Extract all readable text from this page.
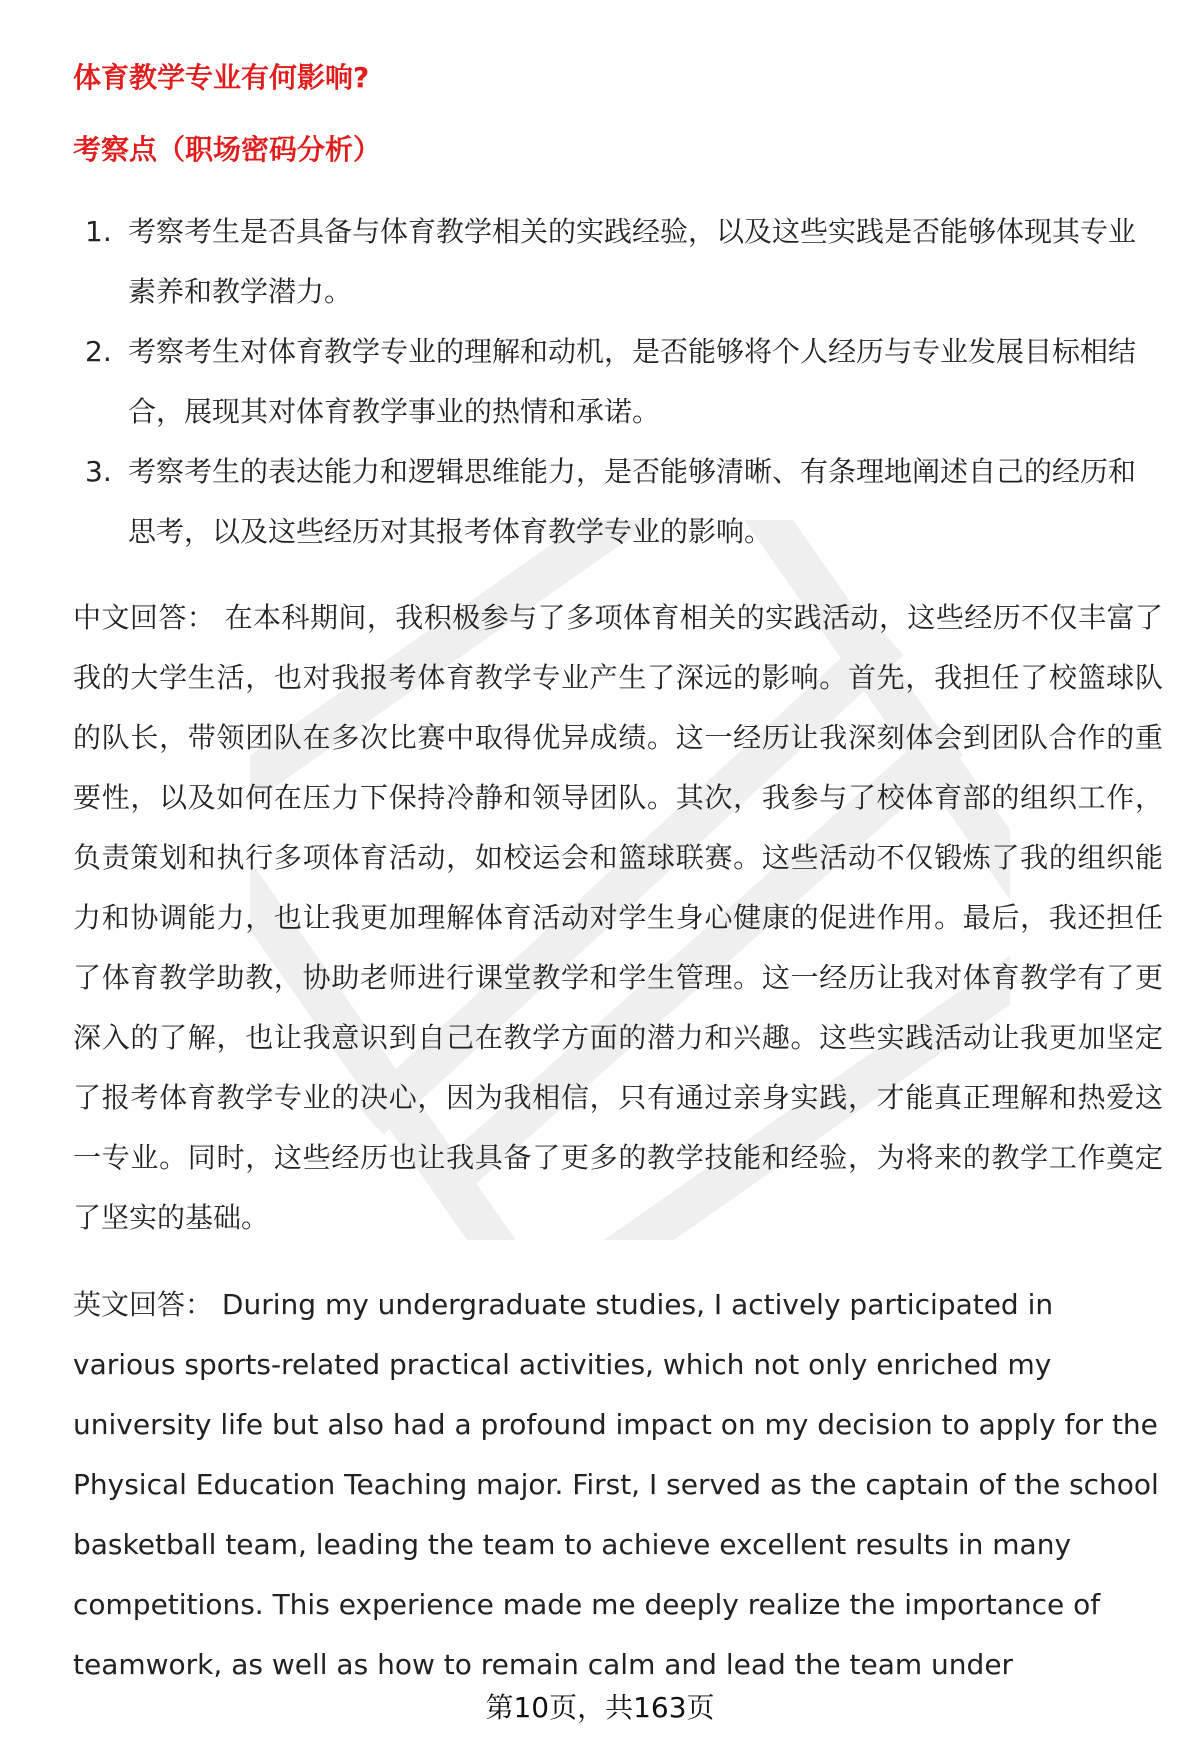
体育教学专业有何影响?
考察点（职场密码分析）
1. 考察考生是否具备与体育教学相关的实践经验，以及这些实践是否能够体现其专业素养和教学潜力。
2. 考察考生对体育教学专业的理解和动机，是否能够将个人经历与专业发展目标相结合，展现其对体育教学事业的热情和承诺。
3. 考察考生的表达能力和逻辑思维能力，是否能够清晰、有条理地阐述自己的经历和思考，以及这些经历对其报考体育教学专业的影响。

中文回答： 在本科期间，我积极参与了多项体育相关的实践活动，这些经历不仅丰富了我的大学生活，也对我报考体育教学专业产生了深远的影响。首先，我担任了校篮球队的队长，带领团队在多次比赛中取得优异成绩。这一经历让我深刻体会到团队合作的重要性，以及如何在压力下保持冷静和领导团队。其次，我参与了校体育部的组织工作，负责策划和执行多项体育活动，如校运会和篮球联赛。这些活动不仅锻炼了我的组织能力和协调能力，也让我更加理解体育活动对学生身心健康的促进作用。最后，我还担任了体育教学助教，协助老师进行课堂教学和学生管理。这一经历让我对体育教学有了更深入的了解，也让我意识到自己在教学方面的潜力和兴趣。这些实践活动让我更加坚定了报考体育教学专业的决心，因为我相信，只有通过亲身实践，才能真正理解和热爱这一专业。同时，这些经历也让我具备了更多的教学技能和经验，为将来的教学工作奠定了坚实的基础。

英文回答： During my undergraduate studies, I actively participated in various sports-related practical activities, which not only enriched my university life but also had a profound impact on my decision to apply for the Physical Education Teaching major. First, I served as the captain of the school basketball team, leading the team to achieve excellent results in many competitions. This experience made me deeply realize the importance of teamwork, as well as how to remain calm and lead the team under

第10页，共163页
